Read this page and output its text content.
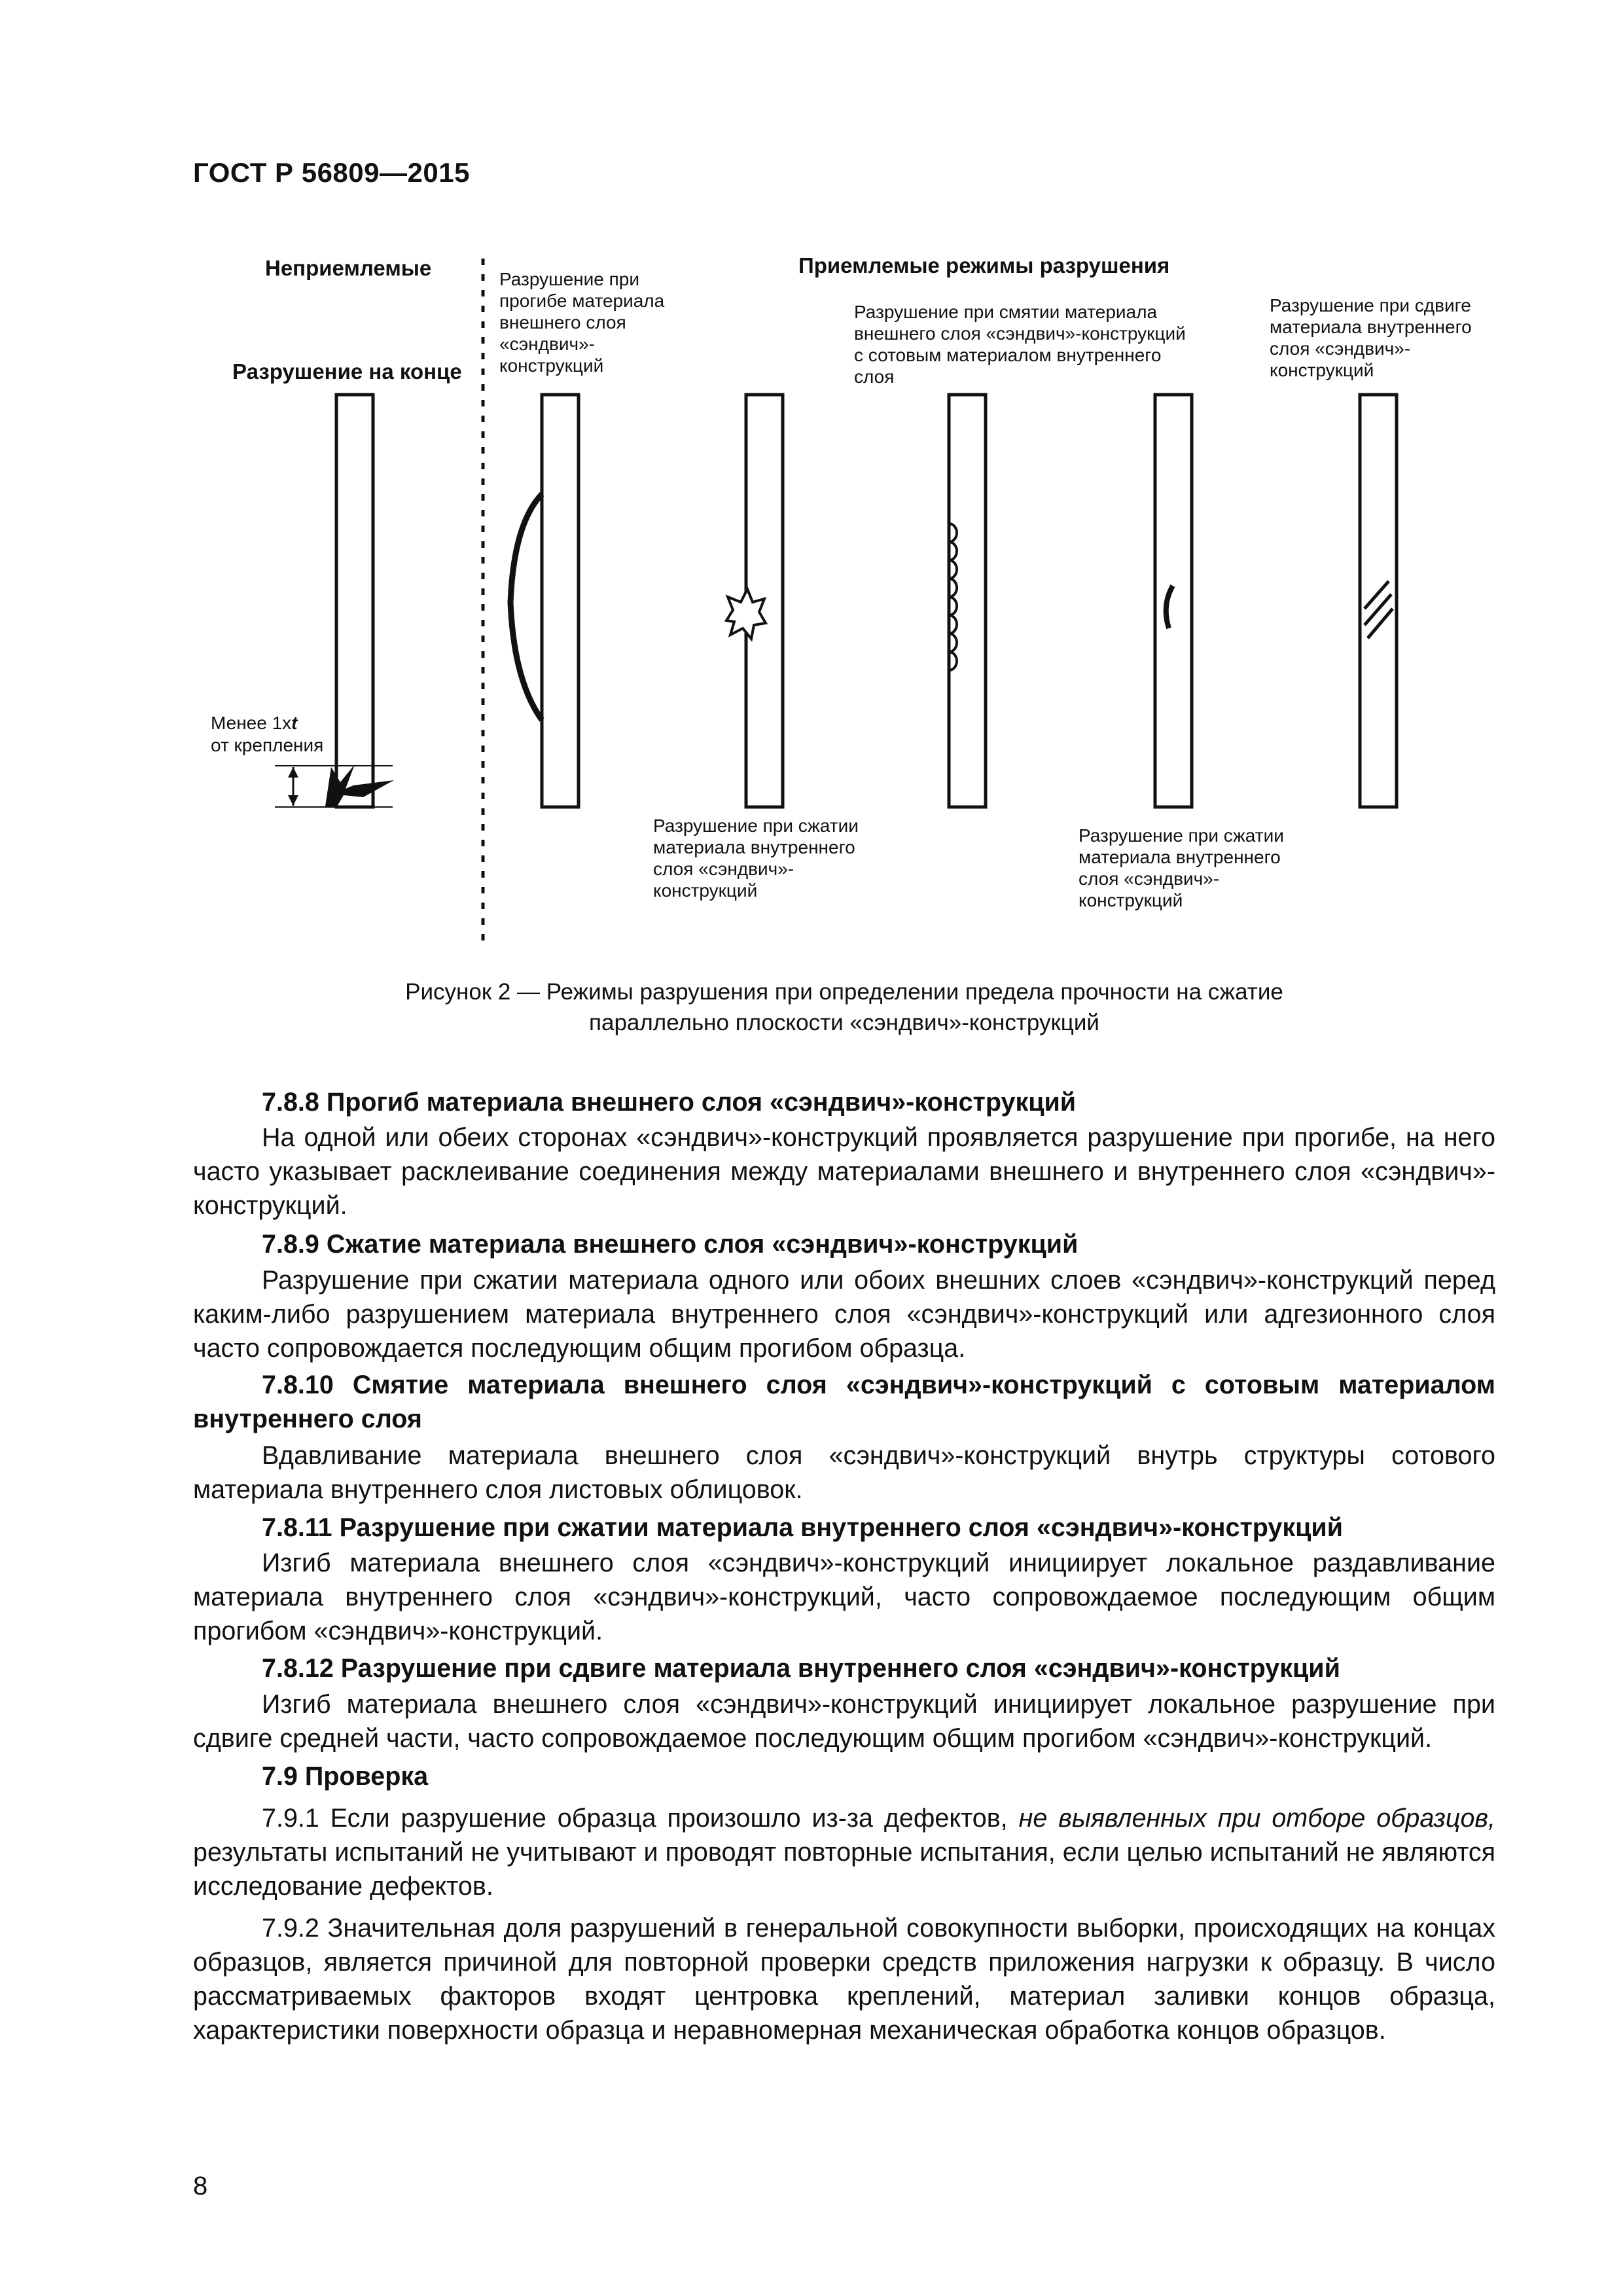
ГОСТ Р 56809—2015
Неприемлемые
Разрушение на конце
Приемлемые режимы разрушения
Разрушение при
прогибе материала
внешнего слоя
«сэндвич»-
конструкций
Разрушение при смятии материала
внешнего слоя «сэндвич»-конструкций
с сотовым материалом внутреннего
слоя
Разрушение при сдвиге
материала внутреннего
слоя «сэндвич»-
конструкций
Разрушение при сжатии
материала внутреннего
слоя «сэндвич»-
конструкций
Разрушение при сжатии
материала внутреннего
слоя «сэндвич»-
конструкций
Менее 1xt
от крепления
Рисунок 2 — Режимы разрушения при определении предела прочности на сжатие
параллельно плоскости «сэндвич»-конструкций
7.8.8 Прогиб материала внешнего слоя «сэндвич»-конструкций
На одной или обеих сторонах «сэндвич»-конструкций проявляется разрушение при прогибе, на него часто указывает расклеивание соединения между материалами внешнего и внутреннего слоя «сэндвич»-конструкций.
7.8.9 Сжатие материала внешнего слоя «сэндвич»-конструкций
Разрушение при сжатии материала одного или обоих внешних слоев «сэндвич»-конструкций перед каким-либо разрушением материала внутреннего слоя «сэндвич»-конструкций или адгезионного слоя часто сопровождается последующим общим прогибом образца.
7.8.10 Смятие материала внешнего слоя «сэндвич»-конструкций с сотовым материалом внутреннего слоя
Вдавливание материала внешнего слоя «сэндвич»-конструкций внутрь структуры сотового материала внутреннего слоя листовых облицовок.
7.8.11 Разрушение при сжатии материала внутреннего слоя «сэндвич»-конструкций
Изгиб материала внешнего слоя «сэндвич»-конструкций инициирует локальное раздавливание материала внутреннего слоя «сэндвич»-конструкций, часто сопровождаемое последующим общим прогибом «сэндвич»-конструкций.
7.8.12 Разрушение при сдвиге материала внутреннего слоя «сэндвич»-конструкций
Изгиб материала внешнего слоя «сэндвич»-конструкций инициирует локальное разрушение при сдвиге средней части, часто сопровождаемое последующим общим прогибом «сэндвич»-конструкций.
7.9 Проверка
7.9.1 Если разрушение образца произошло из-за дефектов, не выявленных при отборе образцов, результаты испытаний не учитывают и проводят повторные испытания, если целью испытаний не являются исследование дефектов.
7.9.2 Значительная доля разрушений в генеральной совокупности выборки, происходящих на концах образцов, является причиной для повторной проверки средств приложения нагрузки к образцу. В число рассматриваемых факторов входят центровка креплений, материал заливки концов образца, характеристики поверхности образца и неравномерная механическая обработка концов образцов.
8
